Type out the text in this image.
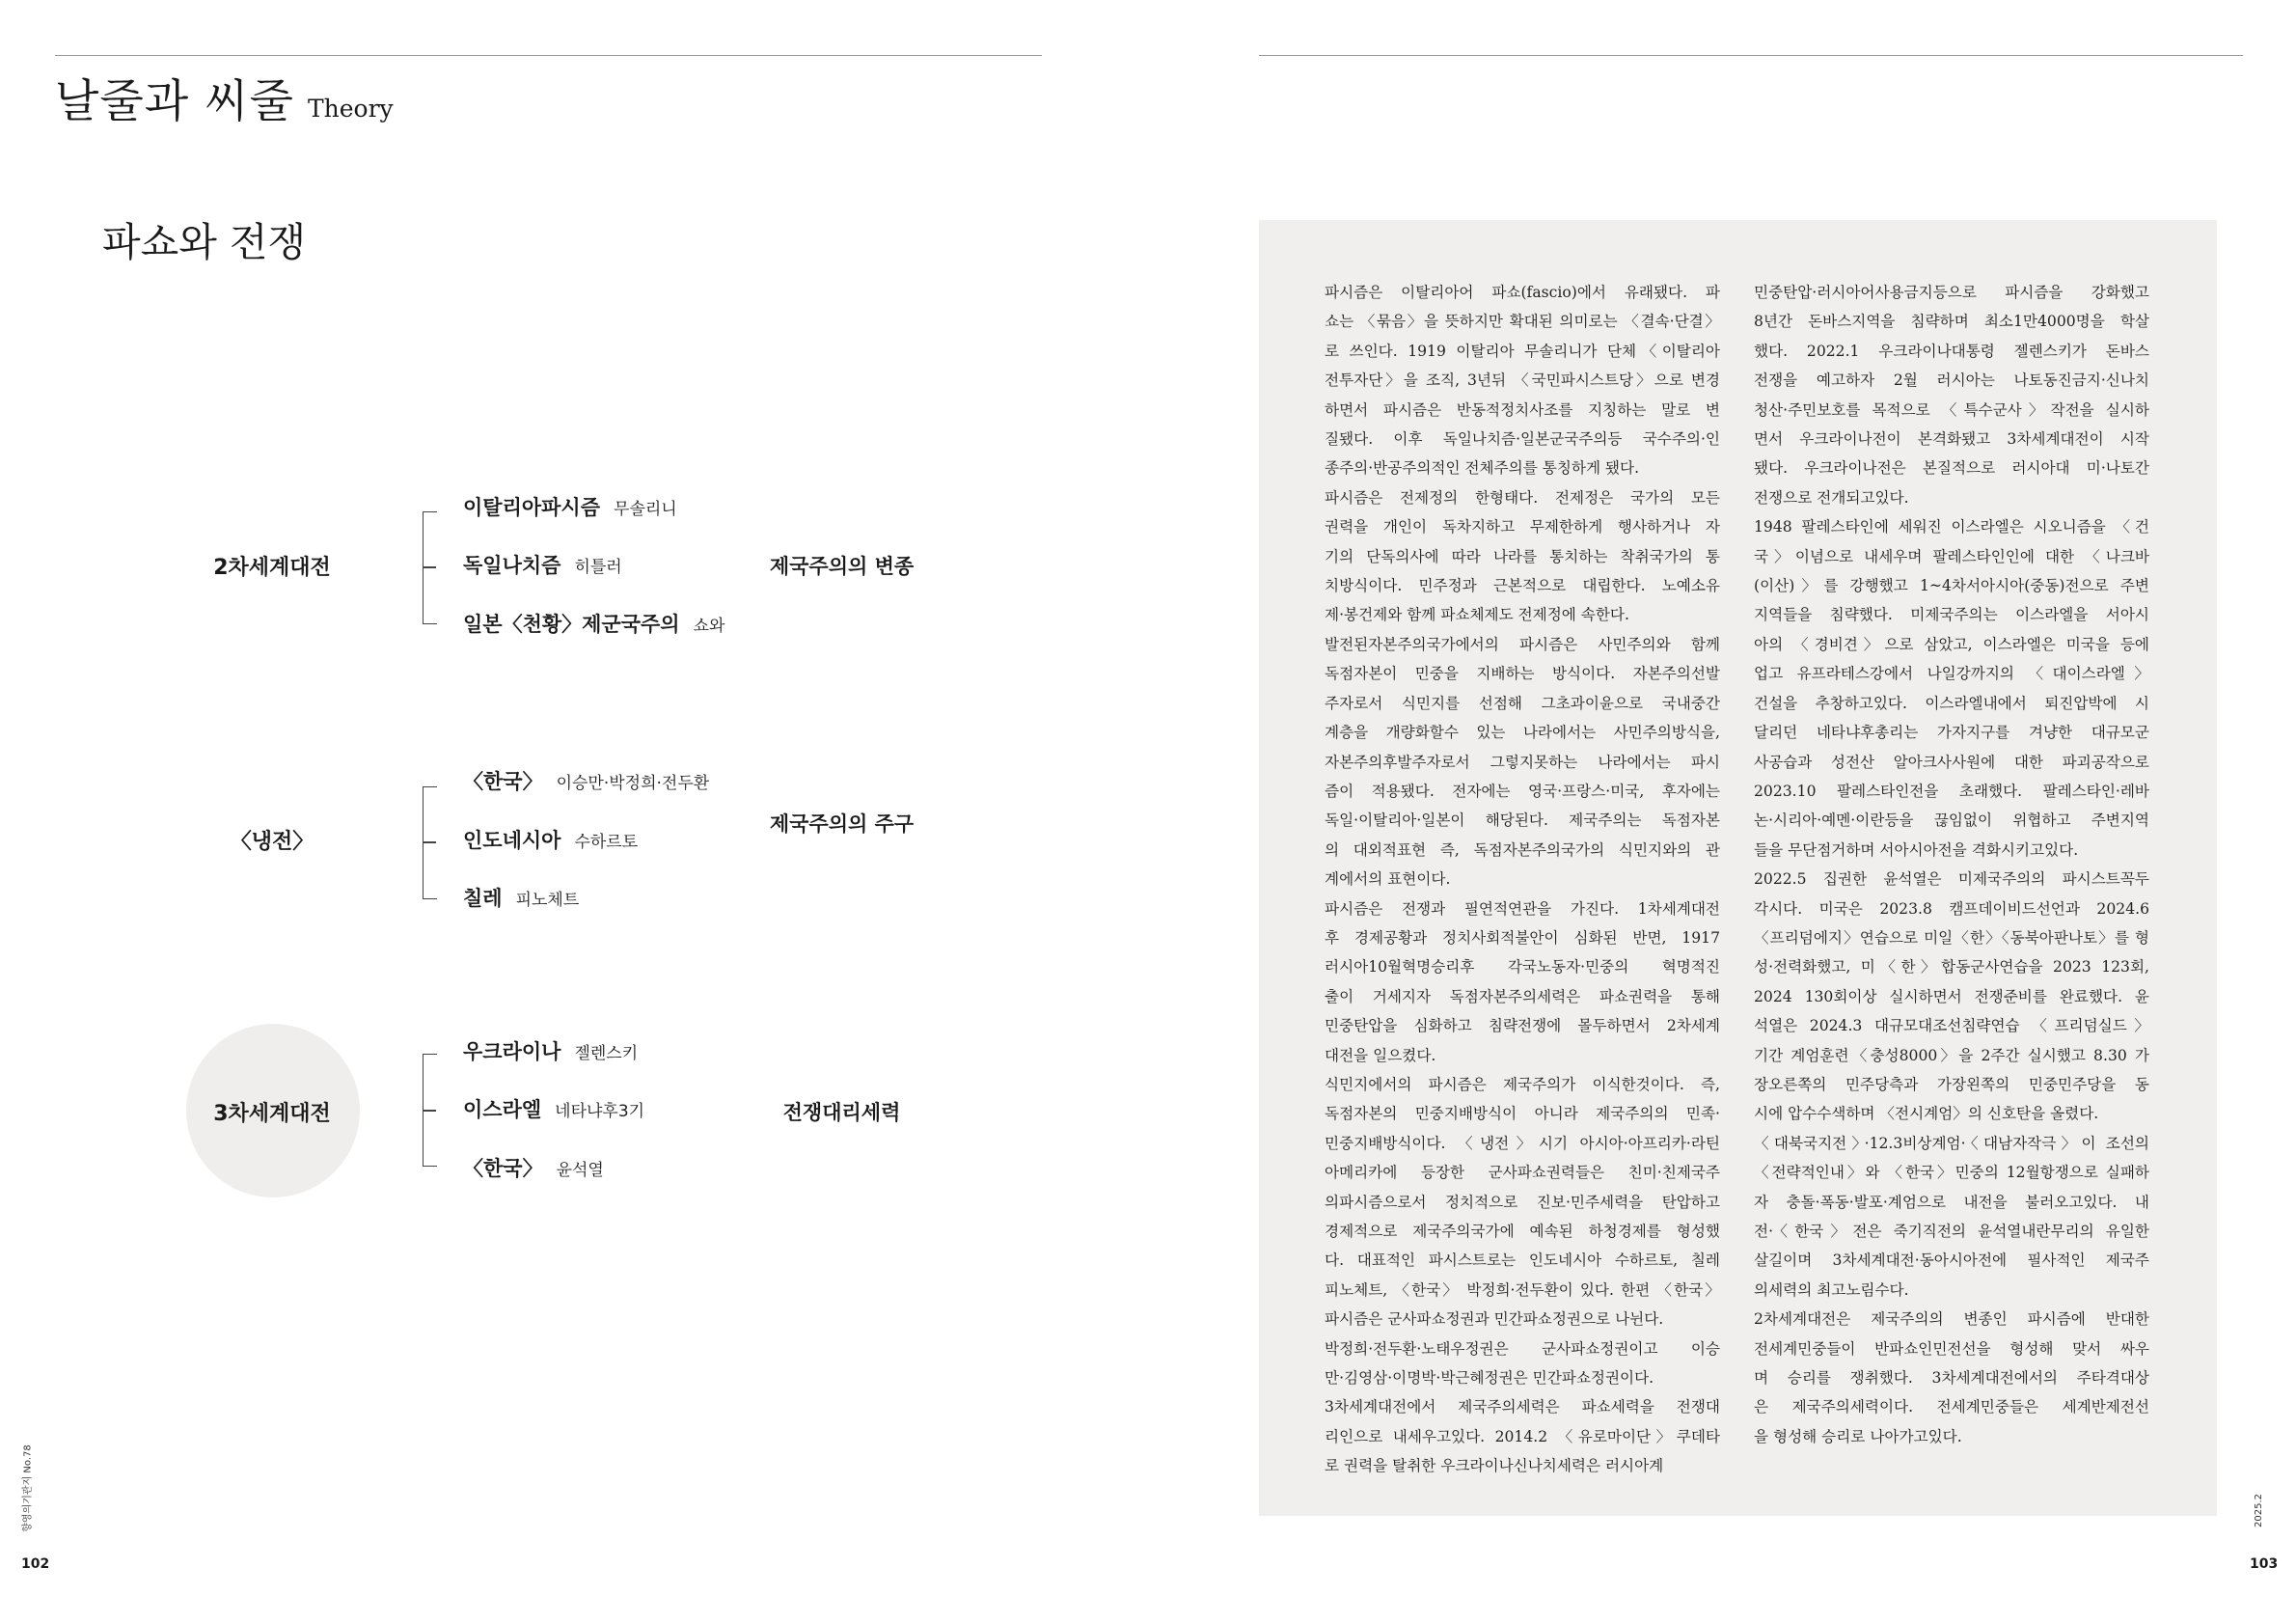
날줄과 씨줄 Theory
파쇼와 전쟁
2차세계대전
이탈리아파시즘 무솔리니
독일나치즘 히틀러
일본〈천황〉제군국주의 쇼와
제국주의의 변종
〈냉전〉
〈한국〉 이승만·박정희·전두환
인도네시아 수하르토
칠레 피노체트
제국주의의 주구
3차세계대전
우크라이나 젤렌스키
이스라엘 네타냐후3기
〈한국〉 윤석열
전쟁대리세력
파시즘은 이탈리아어 파쇼(fascio)에서 유래됐다. 파
쇼는 〈묶음〉을 뜻하지만 확대된 의미로는 〈결속·단결〉
로 쓰인다. 1919 이탈리아 무솔리니가 단체〈이탈리아
전투자단〉을 조직, 3년뒤 〈국민파시스트당〉으로 변경
하면서 파시즘은 반동적정치사조를 지칭하는 말로 변
질됐다. 이후 독일나치즘·일본군국주의등 국수주의·인
종주의·반공주의적인 전체주의를 통칭하게 됐다.
파시즘은 전제정의 한형태다. 전제정은 국가의 모든
권력을 개인이 독차지하고 무제한하게 행사하거나 자
기의 단독의사에 따라 나라를 통치하는 착취국가의 통
치방식이다. 민주정과 근본적으로 대립한다. 노예소유
제·봉건제와 함께 파쇼체제도 전제정에 속한다.
발전된자본주의국가에서의 파시즘은 사민주의와 함께
독점자본이 민중을 지배하는 방식이다. 자본주의선발
주자로서 식민지를 선점해 그초과이윤으로 국내중간
계층을 개량화할수 있는 나라에서는 사민주의방식을,
자본주의후발주자로서 그렇지못하는 나라에서는 파시
즘이 적용됐다. 전자에는 영국·프랑스·미국, 후자에는
독일·이탈리아·일본이 해당된다. 제국주의는 독점자본
의 대외적표현 즉, 독점자본주의국가의 식민지와의 관
계에서의 표현이다.
파시즘은 전쟁과 필연적연관을 가진다. 1차세계대전
후 경제공황과 정치사회적불안이 심화된 반면, 1917
러시아10월혁명승리후 각국노동자·민중의 혁명적진
출이 거세지자 독점자본주의세력은 파쇼권력을 통해
민중탄압을 심화하고 침략전쟁에 몰두하면서 2차세계
대전을 일으켰다.
식민지에서의 파시즘은 제국주의가 이식한것이다. 즉,
독점자본의 민중지배방식이 아니라 제국주의의 민족·
민중지배방식이다. 〈냉전〉시기 아시아·아프리카·라틴
아메리카에 등장한 군사파쇼권력들은 친미·친제국주
의파시즘으로서 정치적으로 진보·민주세력을 탄압하고
경제적으로 제국주의국가에 예속된 하청경제를 형성했
다. 대표적인 파시스트로는 인도네시아 수하르토, 칠레
피노체트, 〈한국〉 박정희·전두환이 있다. 한편 〈한국〉
파시즘은 군사파쇼정권과 민간파쇼정권으로 나뉜다.
박정희·전두환·노태우정권은 군사파쇼정권이고 이승
만·김영삼·이명박·박근혜정권은 민간파쇼정권이다.
3차세계대전에서 제국주의세력은 파쇼세력을 전쟁대
리인으로 내세우고있다. 2014.2 〈유로마이단〉쿠데타
로 권력을 탈취한 우크라이나신나치세력은 러시아계
민중탄압·러시아어사용금지등으로 파시즘을 강화했고
8년간 돈바스지역을 침략하며 최소1만4000명을 학살
했다. 2022.1 우크라이나대통령 젤렌스키가 돈바스
전쟁을 예고하자 2월 러시아는 나토동진금지·신나치
청산·주민보호를 목적으로 〈특수군사〉작전을 실시하
면서 우크라이나전이 본격화됐고 3차세계대전이 시작
됐다. 우크라이나전은 본질적으로 러시아대 미·나토간
전쟁으로 전개되고있다.
1948 팔레스타인에 세워진 이스라엘은 시오니즘을 〈건
국〉이념으로 내세우며 팔레스타인인에 대한 〈나크바
(이산)〉를 강행했고 1~4차서아시아(중동)전으로 주변
지역들을 침략했다. 미제국주의는 이스라엘을 서아시
아의 〈경비견〉으로 삼았고, 이스라엘은 미국을 등에
업고 유프라테스강에서 나일강까지의 〈대이스라엘〉
건설을 추창하고있다. 이스라엘내에서 퇴진압박에 시
달리던 네타냐후총리는 가자지구를 겨냥한 대규모군
사공습과 성전산 알아크사사원에 대한 파괴공작으로
2023.10 팔레스타인전을 초래했다. 팔레스타인·레바
논·시리아·예멘·이란등을 끊임없이 위협하고 주변지역
들을 무단점거하며 서아시아전을 격화시키고있다.
2022.5 집권한 윤석열은 미제국주의의 파시스트꼭두
각시다. 미국은 2023.8 캠프데이비드선언과 2024.6
〈프리덤에지〉연습으로 미일〈한〉〈동북아판나토〉를 형
성·전력화했고, 미〈한〉합동군사연습을 2023 123회,
2024 130회이상 실시하면서 전쟁준비를 완료했다. 윤
석열은 2024.3 대규모대조선침략연습 〈프리덤실드〉
기간 계엄훈련〈충성8000〉을 2주간 실시했고 8.30 가
장오른쪽의 민주당측과 가장왼쪽의 민중민주당을 동
시에 압수수색하며 〈전시계엄〉의 신호탄을 올렸다.
〈대북국지전〉·12.3비상계엄·〈대남자작극〉이 조선의
〈전략적인내〉와 〈한국〉민중의 12월항쟁으로 실패하
자 충돌·폭동·발포·계엄으로 내전을 불러오고있다. 내
전·〈한국〉전은 죽기직전의 윤석열내란무리의 유일한
살길이며 3차세계대전·동아시아전에 필사적인 제국주
의세력의 최고노림수다.
2차세계대전은 제국주의의 변종인 파시즘에 반대한
전세계민중들이 반파쇼인민전선을 형성해 맞서 싸우
며 승리를 쟁취했다. 3차세계대전에서의 주타격대상
은 제국주의세력이다. 전세계민중들은 세계반제전선
을 형성해 승리로 나아가고있다.
102	103
향영의기관지 No.78	2025.2
